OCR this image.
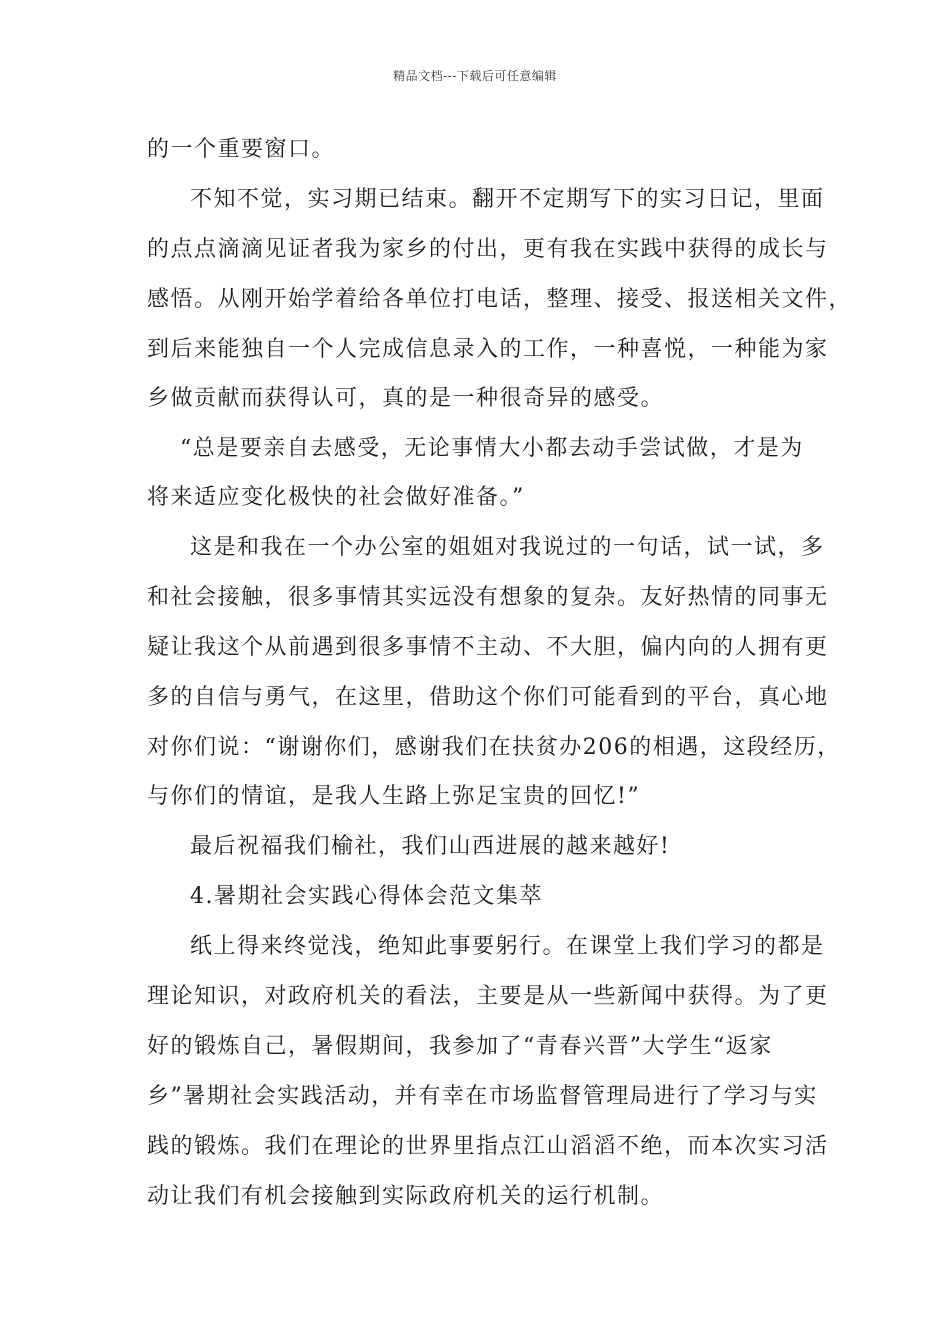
精品文档---下载后可任意编辑
的一个重要窗口。
不知不觉，实习期已结束。翻开不定期写下的实习日记，里面
的点点滴滴见证者我为家乡的付出，更有我在实践中获得的成长与
感悟。从刚开始学着给各单位打电话，整理、接受、报送相关文件，
到后来能独自一个人完成信息录入的工作，一种喜悦，一种能为家
乡做贡献而获得认可，真的是一种很奇异的感受。
“总是要亲自去感受，无论事情大小都去动手尝试做，才是为
将来适应变化极快的社会做好准备。”
这是和我在一个办公室的姐姐对我说过的一句话，试一试，多
和社会接触，很多事情其实远没有想象的复杂。友好热情的同事无
疑让我这个从前遇到很多事情不主动、不大胆，偏内向的人拥有更
多的自信与勇气，在这里，借助这个你们可能看到的平台，真心地
对你们说：“谢谢你们，感谢我们在扶贫办206的相遇，这段经历，
与你们的情谊，是我人生路上弥足宝贵的回忆!”
最后祝福我们榆社，我们山西进展的越来越好!
4.暑期社会实践心得体会范文集萃
纸上得来终觉浅，绝知此事要躬行。在课堂上我们学习的都是
理论知识，对政府机关的看法，主要是从一些新闻中获得。为了更
好的锻炼自己，暑假期间，我参加了“青春兴晋”大学生“返家
乡”暑期社会实践活动，并有幸在市场监督管理局进行了学习与实
践的锻炼。我们在理论的世界里指点江山滔滔不绝，而本次实习活
动让我们有机会接触到实际政府机关的运行机制。
